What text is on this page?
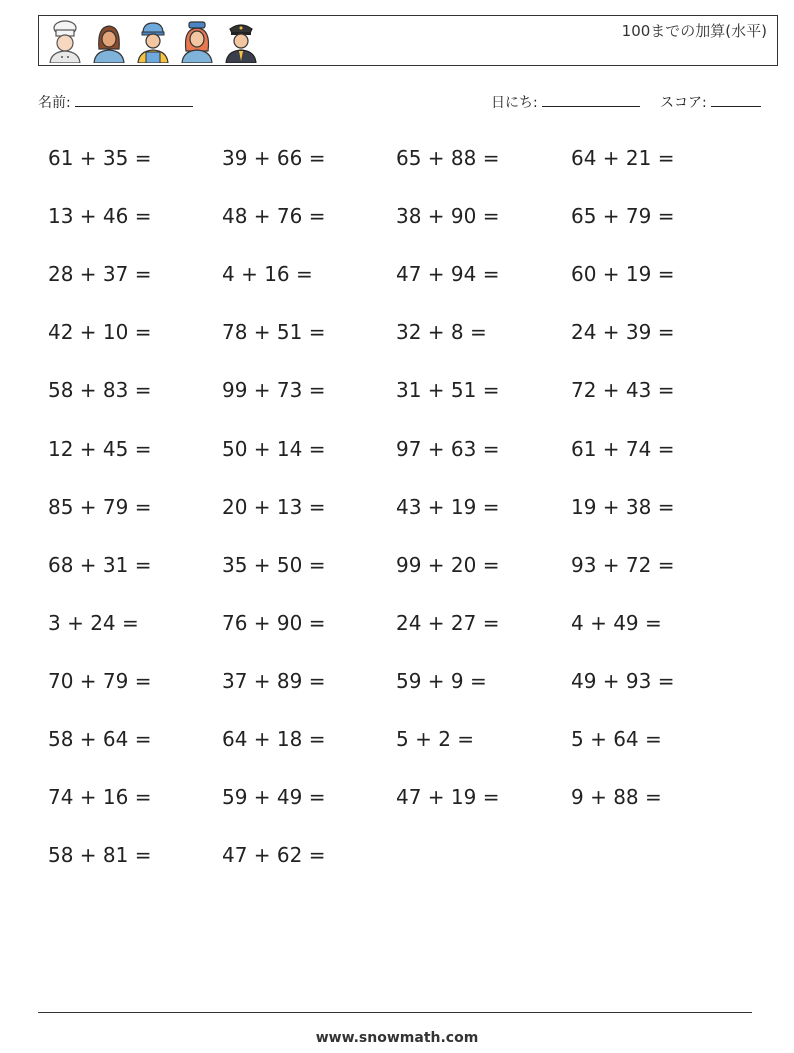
100までの加算(水平)
名前:	日にち:	スコア:
61 + 35 =	39 + 66 =	65 + 88 =	64 + 21 =
13 + 46 =	48 + 76 =	38 + 90 =	65 + 79 =
28 + 37 =	4 + 16 =	47 + 94 =	60 + 19 =
42 + 10 =	78 + 51 =	32 + 8 =	24 + 39 =
58 + 83 =	99 + 73 =	31 + 51 =	72 + 43 =
12 + 45 =	50 + 14 =	97 + 63 =	61 + 74 =
85 + 79 =	20 + 13 =	43 + 19 =	19 + 38 =
68 + 31 =	35 + 50 =	99 + 20 =	93 + 72 =
3 + 24 =	76 + 90 =	24 + 27 =	4 + 49 =
70 + 79 =	37 + 89 =	59 + 9 =	49 + 93 =
58 + 64 =	64 + 18 =	5 + 2 =	5 + 64 =
74 + 16 =	59 + 49 =	47 + 19 =	9 + 88 =
58 + 81 =	47 + 62 =
www.snowmath.com
